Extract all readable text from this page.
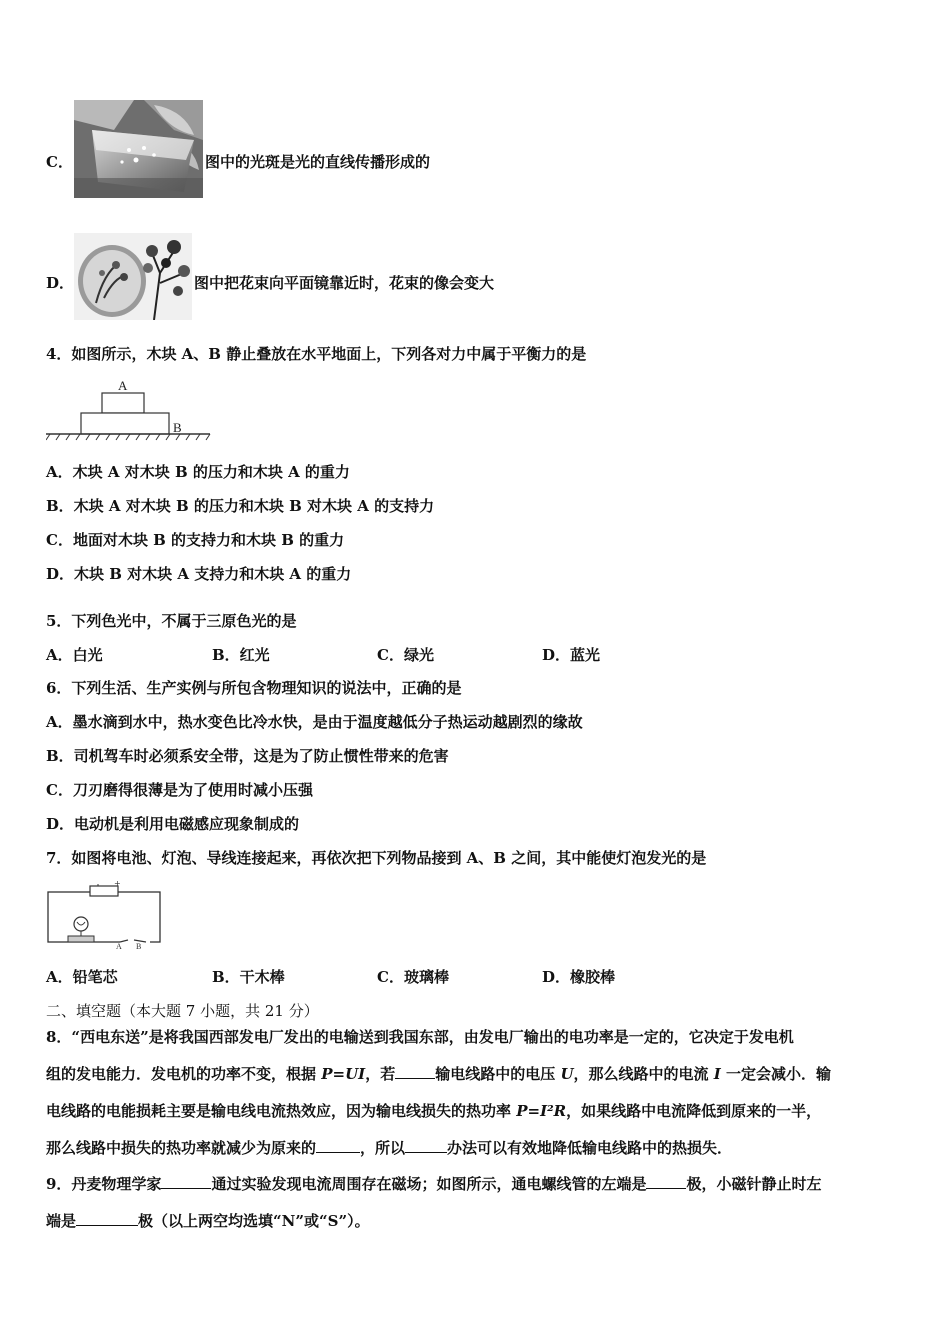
C．	图中的光斑是光的直线传播形成的
D．	图中把花束向平面镜靠近时，花束的像会变大
4．如图所示，木块 A、B 静止叠放在水平地面上，下列各对力中属于平衡力的是
A
B
A．木块 A 对木块 B 的压力和木块 A 的重力
B．木块 A 对木块 B 的压力和木块 B 对木块 A 的支持力
C．地面对木块 B 的支持力和木块 B 的重力
D．木块 B 对木块 A 支持力和木块 A 的重力
5．下列色光中，不属于三原色光的是
A．白光	B．红光	C．绿光	D．蓝光
6．下列生活、生产实例与所包含物理知识的说法中，正确的是
A．墨水滴到水中，热水变色比冷水快，是由于温度越低分子热运动越剧烈的缘故
B．司机驾车时必须系安全带，这是为了防止惯性带来的危害
C．刀刃磨得很薄是为了使用时减小压强
D．电动机是利用电磁感应现象制成的
7．如图将电池、灯泡、导线连接起来，再依次把下列物品接到 A、B 之间，其中能使灯泡发光的是
+
A B
A．铅笔芯	B．干木棒	C．玻璃棒	D．橡胶棒
二、填空题（本大题 7 小题，共 21 分）
8．“西电东送”是将我国西部发电厂发出的电输送到我国东部，由发电厂输出的电功率是一定的，它决定于发电机
组的发电能力．发电机的功率不变，根据 P=UI，若	输电线路中的电压 U，那么线路中的电流 I 一定会减小．输
电线路的电能损耗主要是输电线电流热效应，因为输电线损失的热功率 P=I²R，如果线路中电流降低到原来的一半，
那么线路中损失的热功率就减少为原来的	，所以	办法可以有效地降低输电线路中的热损失．
9．丹麦物理学家	通过实验发现电流周围存在磁场；如图所示，通电螺线管的左端是	极，小磁针静止时左
端是	极（以上两空均选填“N”或“S”）。
